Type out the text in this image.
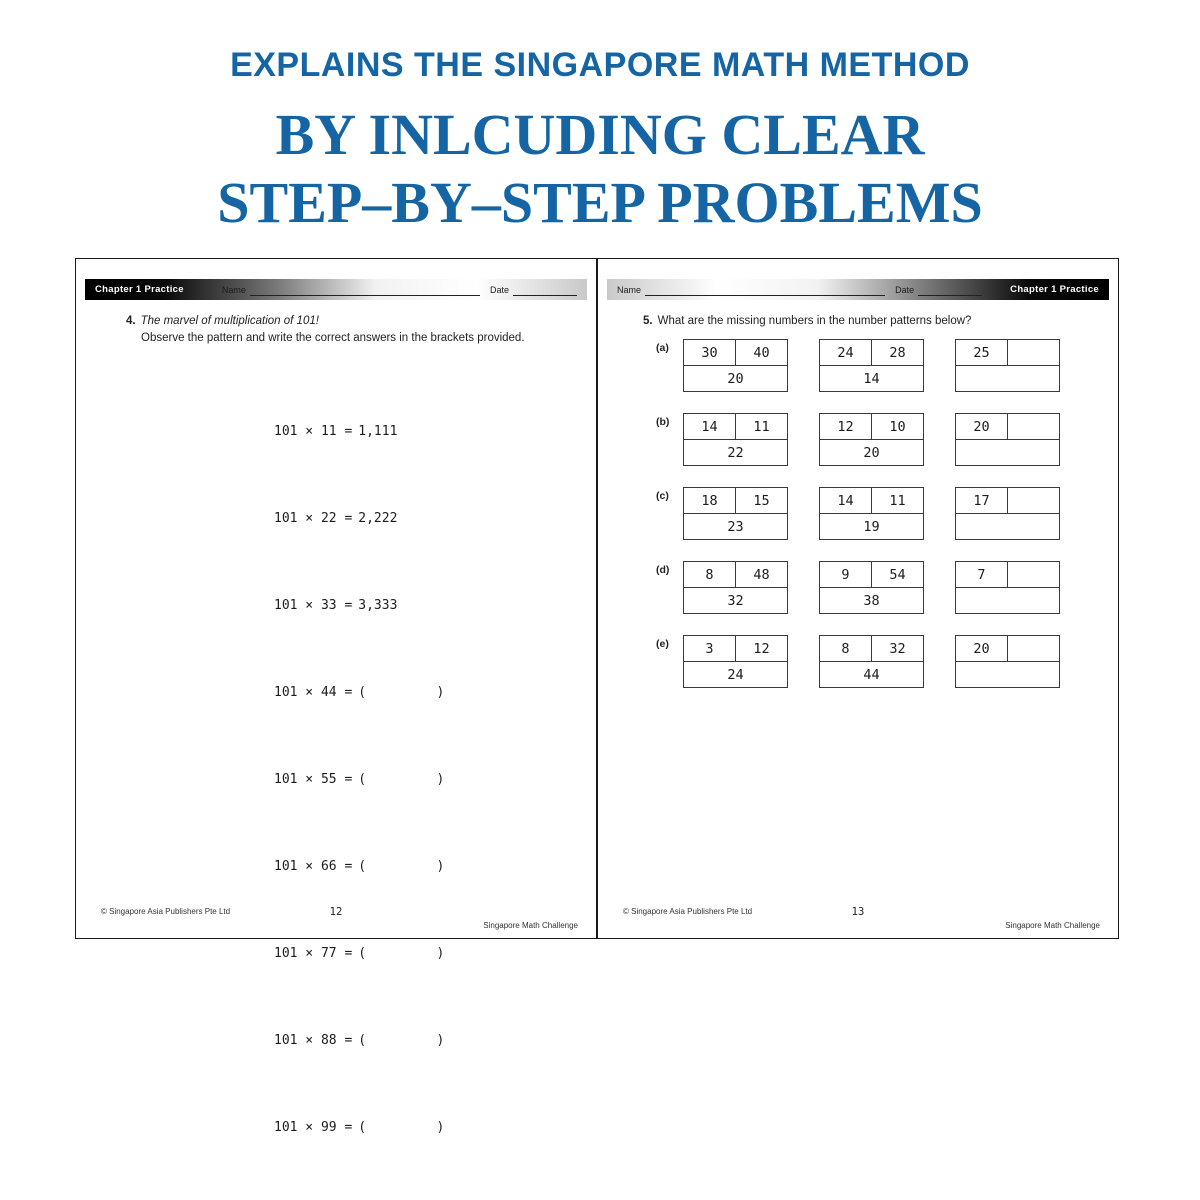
EXPLAINS THE SINGAPORE MATH METHOD
BY INLCUDING CLEAR
STEP–BY–STEP PROBLEMS
Chapter 1 Practice	Name	Date
4. The marvel of multiplication of 101!
Observe the pattern and write the correct answers in the brackets provided.

101 × 11 = 1,111

101 × 22 = 2,222

101 × 33 = 3,333

101 × 44 = (         )

101 × 55 = (         )

101 × 66 = (         )

101 × 77 = (         )

101 × 88 = (         )

101 × 99 = (         )

© Singapore Asia Publishers Pte Ltd	12
Singapore Math Challenge
Name	Date	Chapter 1 Practice
5. What are the missing numbers in the number patterns below?
(a)	30	40
20
24	28
14
25	

(b)	14	11
22
12	10
20
20	

(c)	18	15
23
14	11
19
17	

(d)	8	48
32
9	54
38
7	

(e)	3	12
24
8	32
44
20	

© Singapore Asia Publishers Pte Ltd	13
Singapore Math Challenge
